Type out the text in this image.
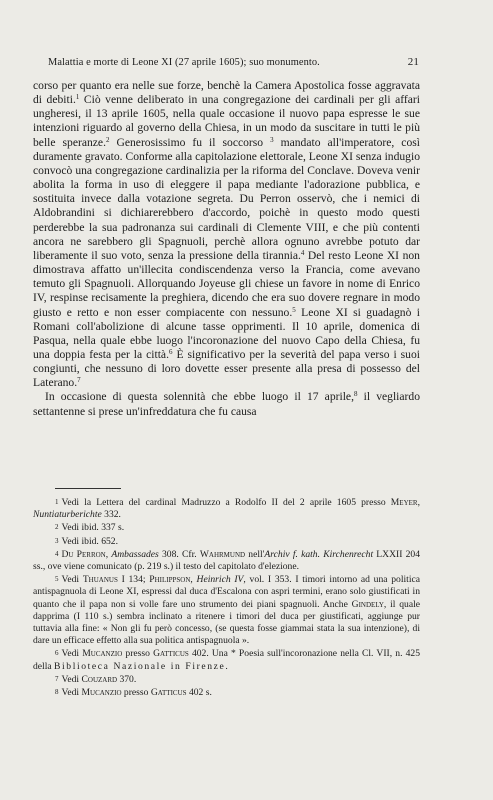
Malattia e morte di Leone XI (27 aprile 1605); suo monumento.	21

corso per quanto era nelle sue forze, benchè la Camera Apostolica fosse aggravata di debiti.$^1$ Ciò venne deliberato in una congregazione dei cardinali per gli affari ungheresi, il 13 aprile 1605, nella quale occasione il nuovo papa espresse le sue intenzioni riguardo al governo della Chiesa, in un modo da suscitare in tutti le più belle speranze.$^2$ Generosissimo fu il soccorso $^3$ mandato all'imperatore, così duramente gravato. Conforme alla capitolazione elettorale, Leone XI senza indugio convocò una congregazione cardinalizia per la riforma del Conclave. Doveva venir abolita la forma in uso di eleggere il papa mediante l'adorazione pubblica, e sostituita invece dalla votazione segreta. Du Perron osservò, che i nemici di Aldobrandini si dichiarerebbero d'accordo, poichè in questo modo questi perderebbe la sua padronanza sui cardinali di Clemente VIII, e che più contenti ancora ne sarebbero gli Spagnuoli, perchè allora ognuno avrebbe potuto dar liberamente il suo voto, senza la pressione della tirannia.$^4$ Del resto Leone XI non dimostrava affatto un'illecita condiscendenza verso la Francia, come avevano temuto gli Spagnuoli. Allorquando Joyeuse gli chiese un favore in nome di Enrico IV, respinse recisamente la preghiera, dicendo che era suo dovere regnare in modo giusto e retto e non esser compiacente con nessuno.$^5$ Leone XI si guadagnò i Romani coll'abolizione di alcune tasse opprimenti. Il 10 aprile, domenica di Pasqua, nella quale ebbe luogo l'incoronazione del nuovo Capo della Chiesa, fu una doppia festa per la città.$^6$ È significativo per la severità del papa verso i suoi congiunti, che nessuno di loro dovette esser presente alla presa di possesso del Laterano.$^7$

In occasione di questa solennità che ebbe luogo il 17 aprile,$^8$ il vegliardo settantenne si prese un'infreddatura che fu causa

1 Vedi la Lettera del cardinal Madruzzo a Rodolfo II del 2 aprile 1605 presso Meyer, Nuntiaturberichte 332.

2 Vedi ibid. 337 s.

3 Vedi ibid. 652.

4 Du Perron, Ambassades 308. Cfr. Wahrmund nell'Archiv f. kath. Kirchenrecht LXXII 204 ss., ove viene comunicato (p. 219 s.) il testo del capitolato d'elezione.

5 Vedi Thuanus I 134; Philippson, Heinrich IV, vol. I 353. I timori intorno ad una politica antispagnuola di Leone XI, espressi dal duca d'Escalona con aspri termini, erano solo giustificati in quanto che il papa non si volle fare uno strumento dei piani spagnuoli. Anche Gindely, il quale dapprima (I 110 s.) sembra inclinato a ritenere i timori del duca per giustificati, aggiunge pur tuttavia alla fine: « Non gli fu però concesso, (se questa fosse giammai stata la sua intenzione), di dare un efficace effetto alla sua politica antispagnuola ».

6 Vedi Mucanzio presso Gatticus 402. Una * Poesia sull'incoronazione nella Cl. VII, n. 425 della Biblioteca Nazionale in Firenze.

7 Vedi Couzard 370.

8 Vedi Mucanzio presso Gatticus 402 s.
